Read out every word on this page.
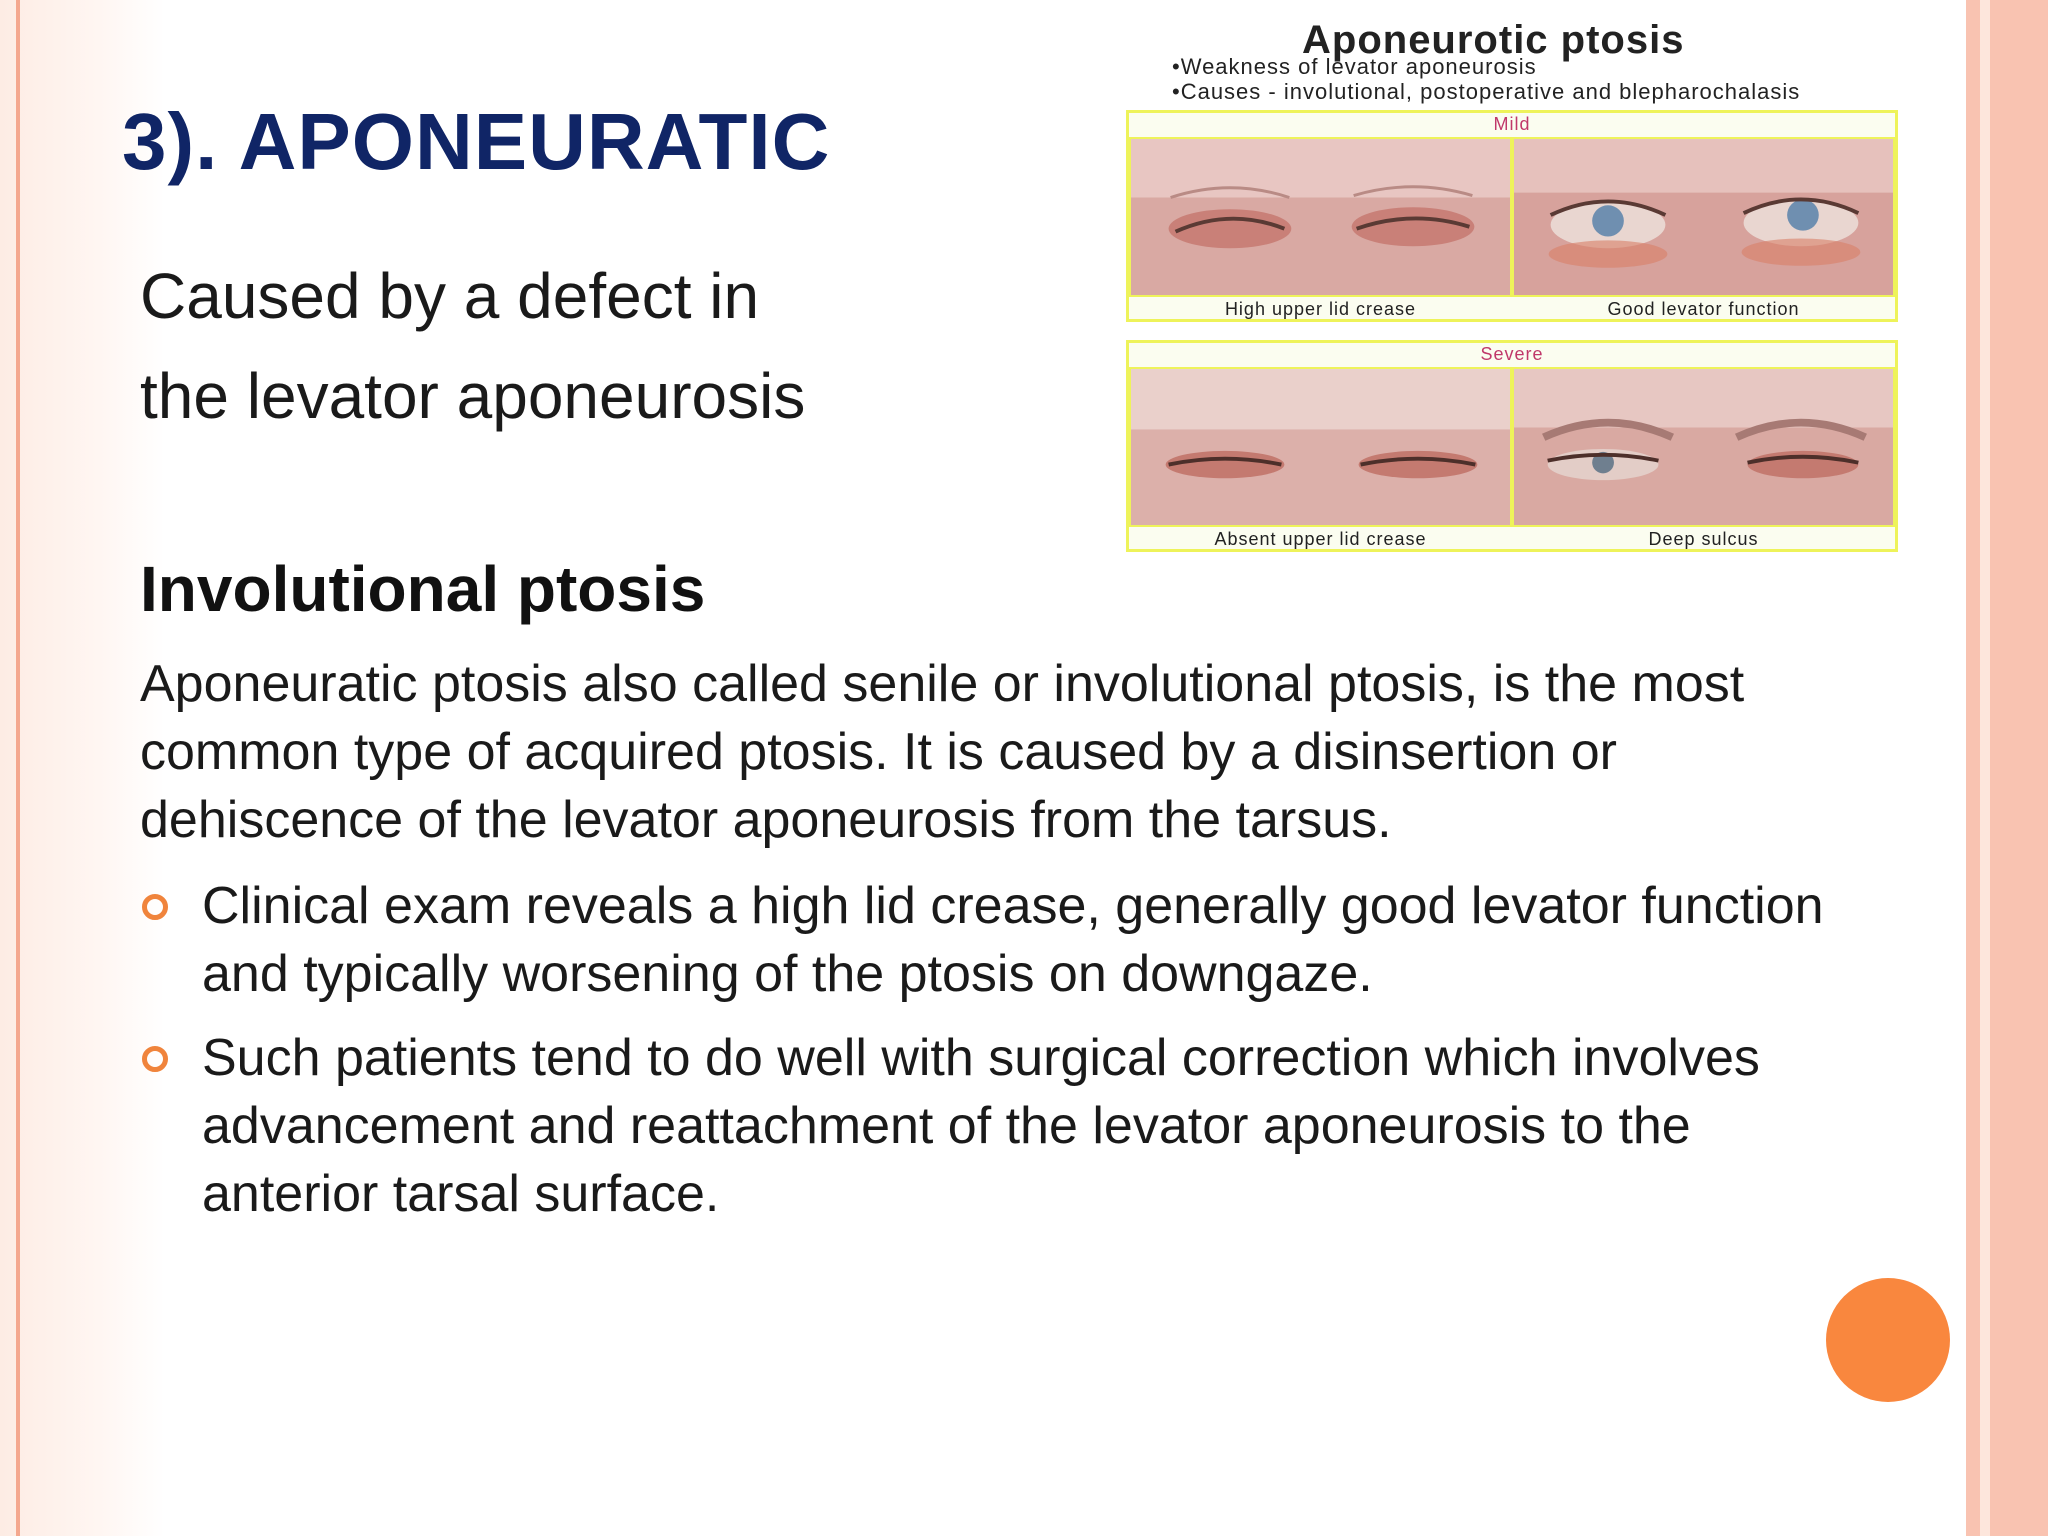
3). APONEURATIC
Caused by a defect in
the levator aponeurosis
Involutional ptosis

Aponeuratic ptosis also called senile or involutional ptosis, is the most common type of acquired ptosis. It is caused by a disinsertion or dehiscence of the levator aponeurosis from the tarsus.

Clinical exam reveals a high lid crease, generally good levator function and typically worsening of the ptosis on downgaze.
Such patients tend to do well with surgical correction which involves advancement and reattachment of the levator aponeurosis to the anterior tarsal surface.
Aponeurotic ptosis
• Weakness of levator aponeurosis
• Causes - involutional, postoperative and blepharochalasis
Mild
High upper lid crease	Good levator function
Severe
Absent upper lid crease	Deep sulcus
